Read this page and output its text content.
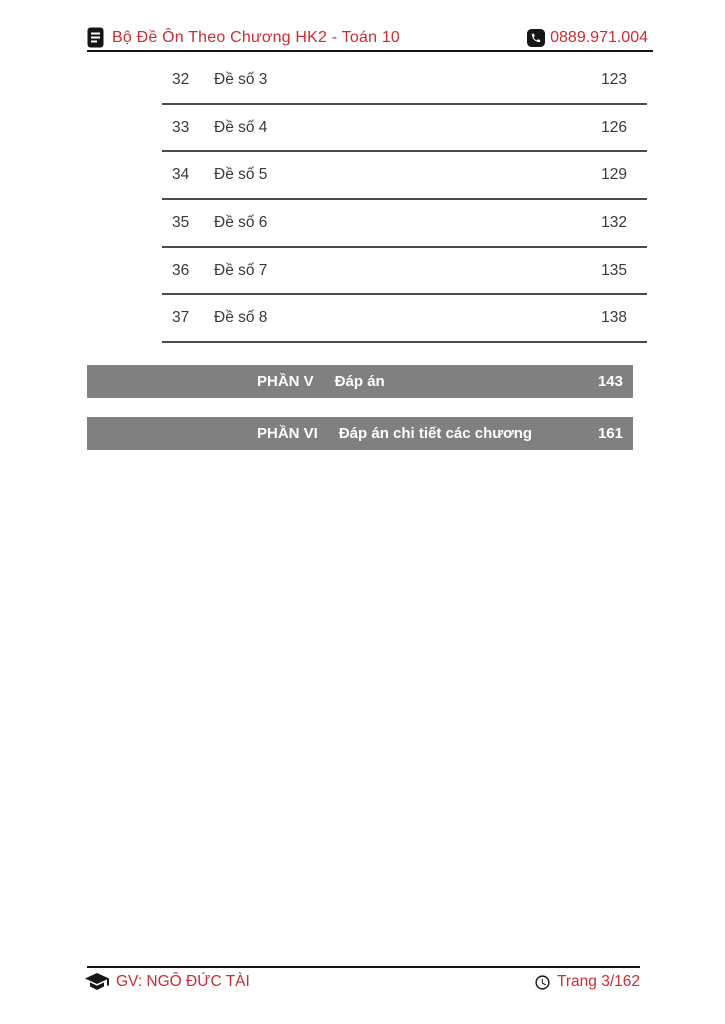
Bộ Đề Ôn Theo Chương HK2 - Toán 10	0889.971.004
32	Đề số 3	123
33	Đề số 4	126
34	Đề số 5	129
35	Đề số 6	132
36	Đề số 7	135
37	Đề số 8	138
PHẦN V Đáp án	143
PHẦN VI Đáp án chi tiết các chương	161
GV: NGÔ ĐỨC TÀI	Trang 3/162
